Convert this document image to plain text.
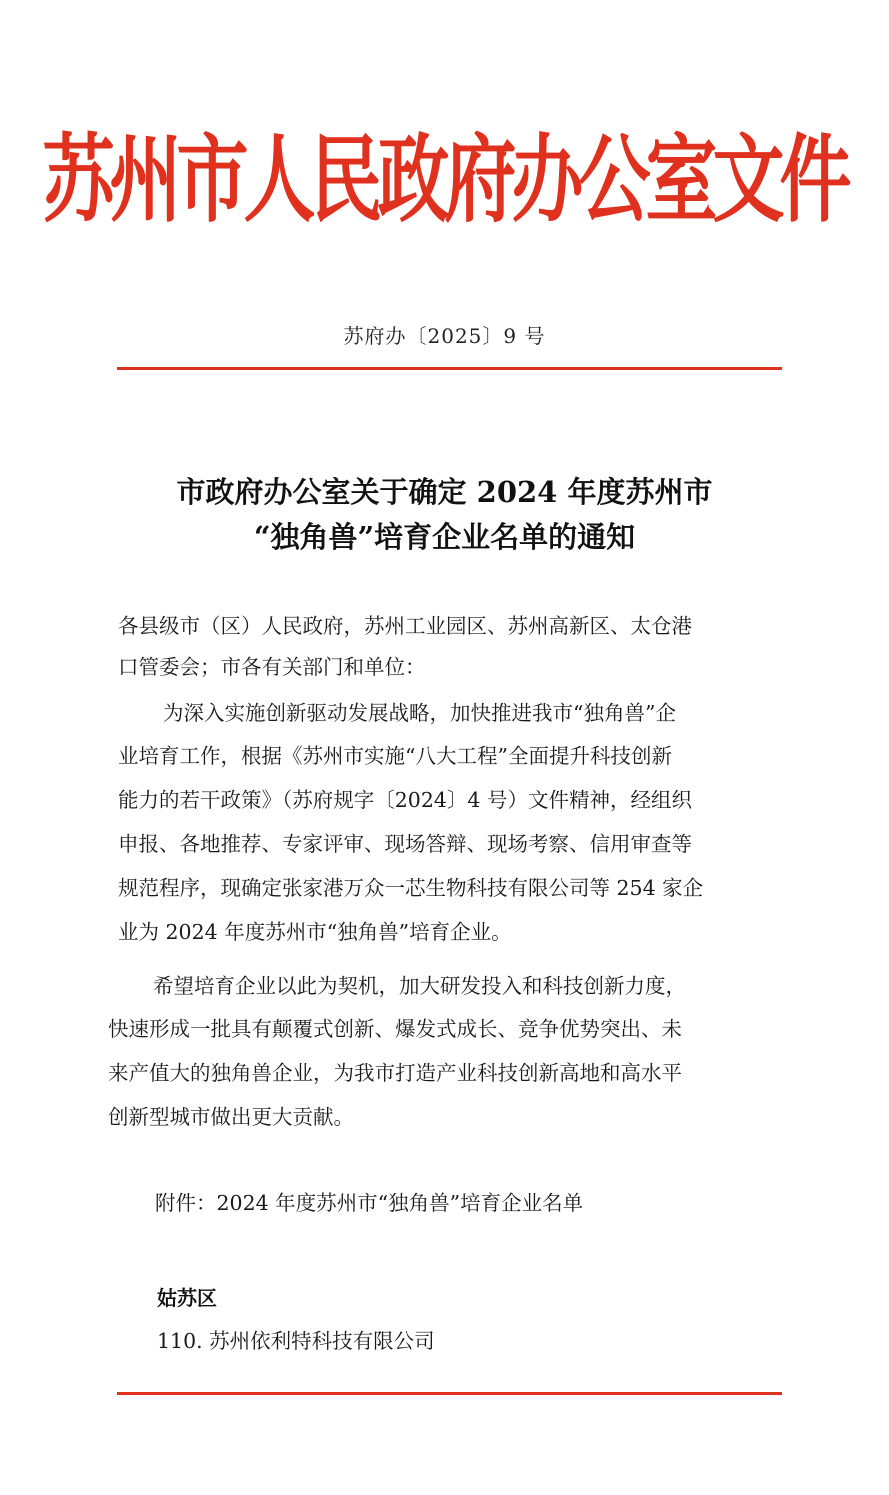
苏州市人民政府办公室文件
苏府办〔2025〕9 号
市政府办公室关于确定 2024 年度苏州市
“独角兽”培育企业名单的通知
各县级市（区）人民政府，苏州工业园区、苏州高新区、太仓港
口管委会；市各有关部门和单位：
为深入实施创新驱动发展战略，加快推进我市“独角兽”企
业培育工作，根据《苏州市实施“八大工程”全面提升科技创新
能力的若干政策》（苏府规字〔2024〕4 号）文件精神，经组织
申报、各地推荐、专家评审、现场答辩、现场考察、信用审查等
规范程序，现确定张家港万众一芯生物科技有限公司等 254 家企
业为 2024 年度苏州市“独角兽”培育企业。
希望培育企业以此为契机，加大研发投入和科技创新力度，
快速形成一批具有颠覆式创新、爆发式成长、竞争优势突出、未
来产值大的独角兽企业，为我市打造产业科技创新高地和高水平
创新型城市做出更大贡献。
附件：2024 年度苏州市“独角兽”培育企业名单
姑苏区
110. 苏州依利特科技有限公司
